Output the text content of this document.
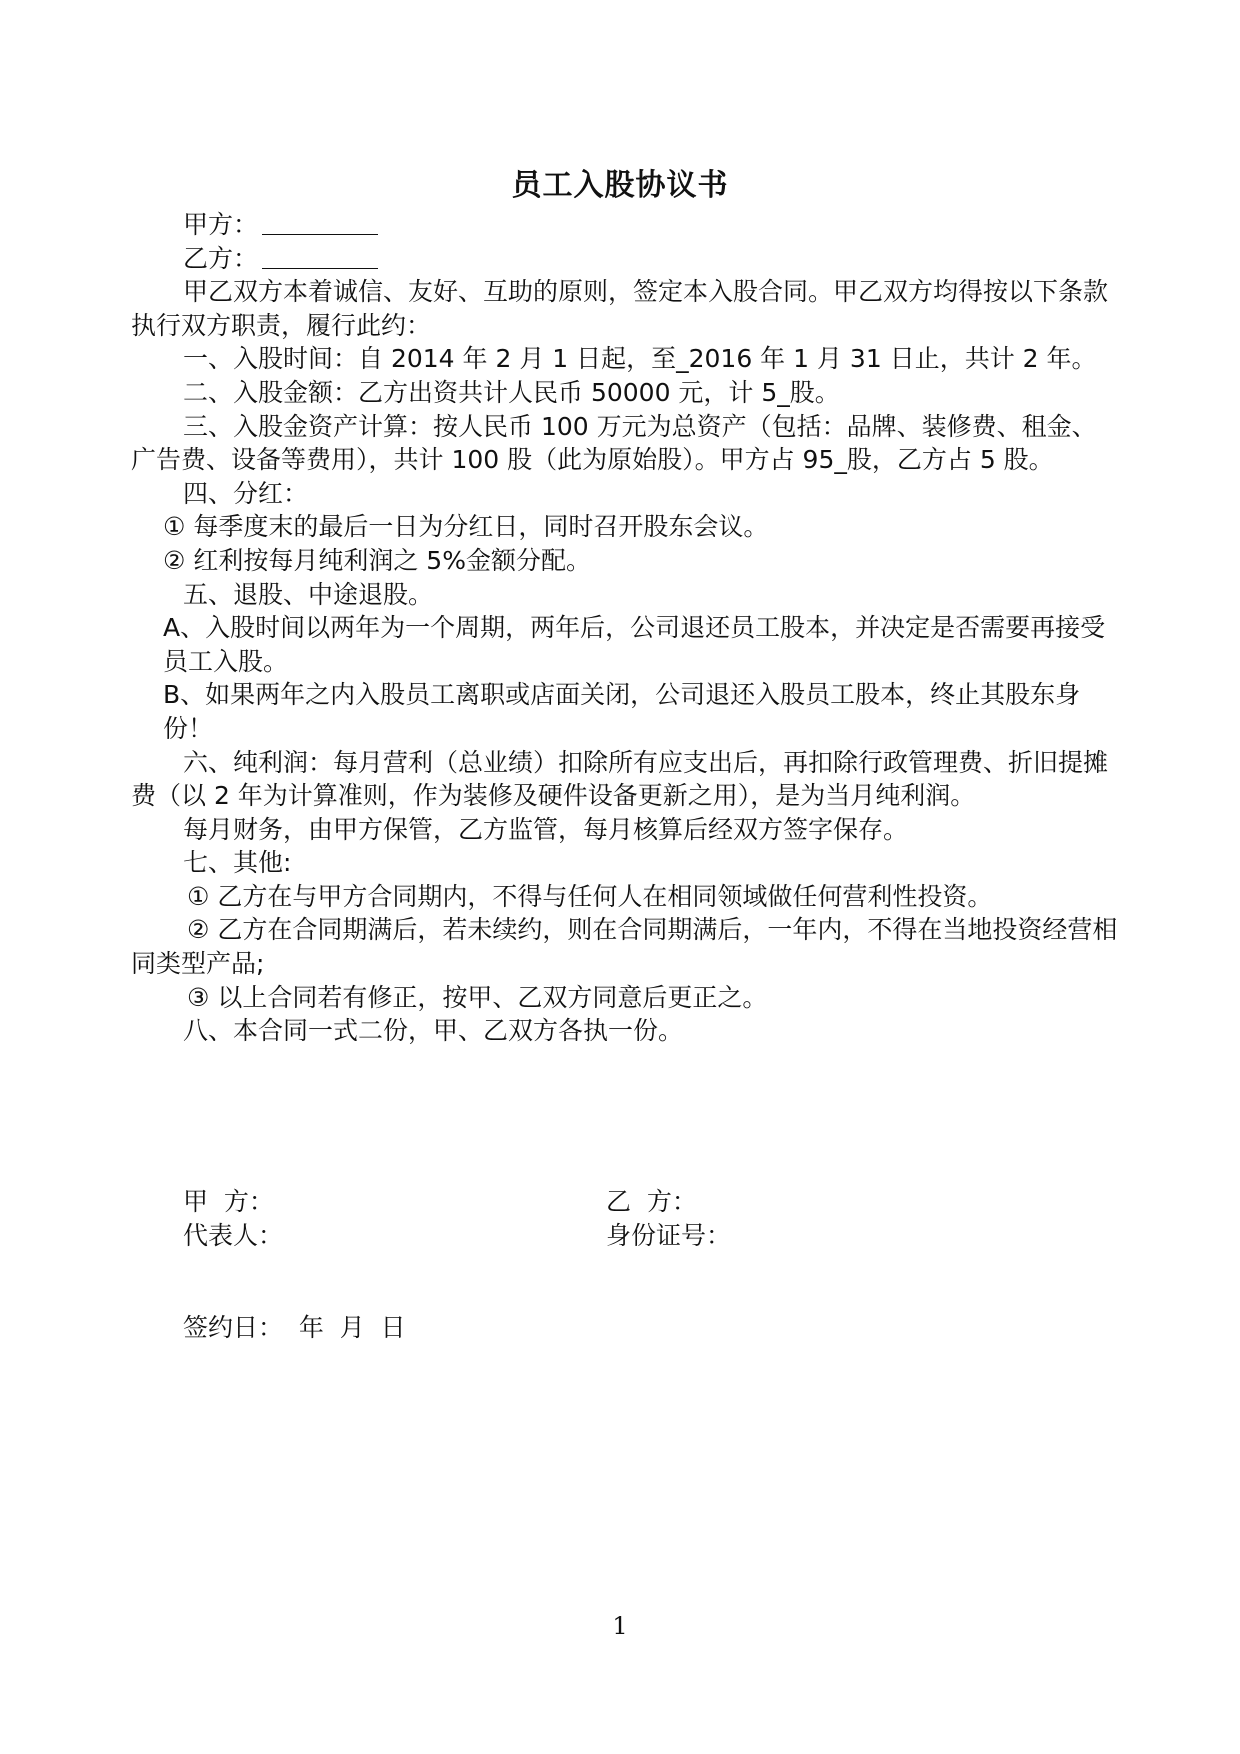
员工入股协议书

甲方：

乙方：

甲乙双方本着诚信、友好、互助的原则，签定本入股合同。甲乙双方均得按以下条款执行双方职责，履行此约：

一、入股时间：自 2014 年 2 月 1 日起，至_2016 年 1 月 31 日止，共计 2 年。

二、入股金额：乙方出资共计人民币 50000 元，计 5_股。

三、入股金资产计算：按人民币 100 万元为总资产（包括：品牌、装修费、租金、广告费、设备等费用），共计 100 股（此为原始股）。甲方占 95_股，乙方占 5 股。

四、分红：

① 每季度末的最后一日为分红日，同时召开股东会议。

② 红利按每月纯利润之 5%金额分配。

五、退股、中途退股。

A、入股时间以两年为一个周期，两年后，公司退还员工股本，并决定是否需要再接受员工入股。

B、如果两年之内入股员工离职或店面关闭，公司退还入股员工股本，终止其股东身份！

六、纯利润：每月营利（总业绩）扣除所有应支出后，再扣除行政管理费、折旧提摊费（以 2 年为计算准则，作为装修及硬件设备更新之用），是为当月纯利润。

每月财务，由甲方保管，乙方监管，每月核算后经双方签字保存。

七、其他:

① 乙方在与甲方合同期内，不得与任何人在相同领域做任何营利性投资。

② 乙方在合同期满后，若未续约，则在合同期满后，一年内，不得在当地投资经营相同类型产品;

③ 以上合同若有修正，按甲、乙双方同意后更正之。

八、本合同一式二份，甲、乙双方各执一份。

甲  方：
代表人：
乙  方：
身份证号：
签约日：  年  月  日
1
